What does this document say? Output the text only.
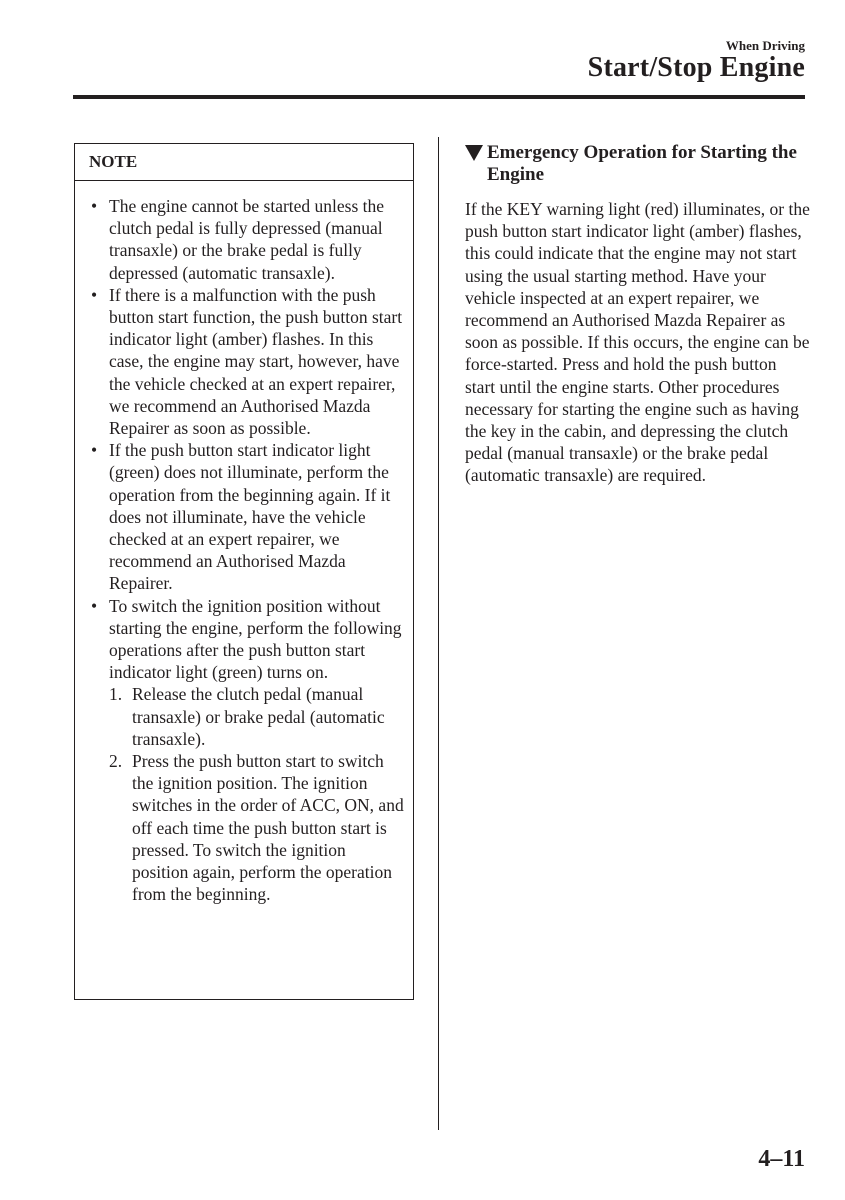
When Driving
Start/Stop Engine
NOTE
• The engine cannot be started unless the clutch pedal is fully depressed (manual transaxle) or the brake pedal is fully depressed (automatic transaxle).
• If there is a malfunction with the push button start function, the push button start indicator light (amber) flashes. In this case, the engine may start, however, have the vehicle checked at an expert repairer, we recommend an Authorised Mazda Repairer as soon as possible.
• If the push button start indicator light (green) does not illuminate, perform the operation from the beginning again. If it does not illuminate, have the vehicle checked at an expert repairer, we recommend an Authorised Mazda Repairer.
• To switch the ignition position without starting the engine, perform the following operations after the push button start indicator light (green) turns on.
1. Release the clutch pedal (manual transaxle) or brake pedal (automatic transaxle).
2. Press the push button start to switch the ignition position. The ignition switches in the order of ACC, ON, and off each time the push button start is pressed. To switch the ignition position again, perform the operation from the beginning.
Emergency Operation for Starting the Engine

If the KEY warning light (red) illuminates, or the push button start indicator light (amber) flashes, this could indicate that the engine may not start using the usual starting method. Have your vehicle inspected at an expert repairer, we recommend an Authorised Mazda Repairer as soon as possible. If this occurs, the engine can be force-started. Press and hold the push button start until the engine starts. Other procedures necessary for starting the engine such as having the key in the cabin, and depressing the clutch pedal (manual transaxle) or the brake pedal (automatic transaxle) are required.

4–11
